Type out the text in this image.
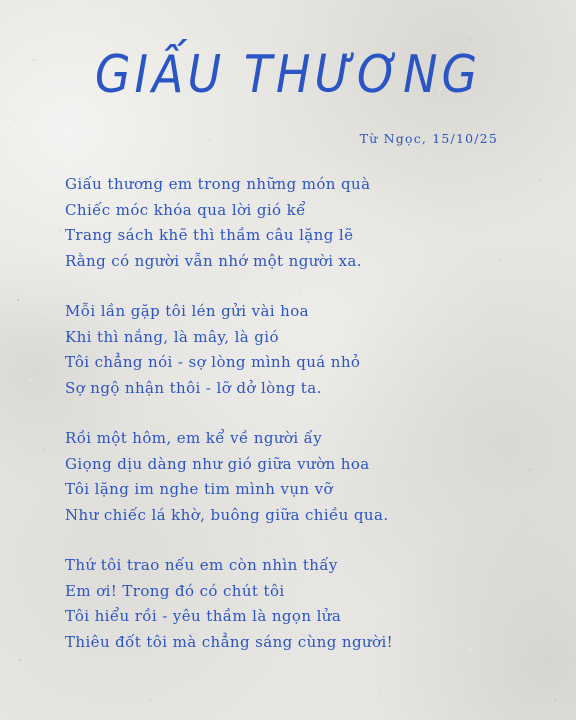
GIẤU THƯƠNG

Từ Ngọc, 15/10/25

Giấu thương em trong những món quà
Chiếc móc khóa qua lời gió kể
Trang sách khẽ thì thầm câu lặng lẽ
Rằng có người vẫn nhớ một người xa.
Mỗi lần gặp tôi lén gửi vài hoa
Khi thì nắng, là mây, là gió
Tôi chẳng nói - sợ lòng mình quá nhỏ
Sợ ngộ nhận thôi - lỡ dở lòng ta.
Rồi một hôm, em kể về người ấy
Giọng dịu dàng như gió giữa vườn hoa
Tôi lặng im nghe tim mình vụn vỡ
Như chiếc lá khờ, buông giữa chiều qua.
Thứ tôi trao nếu em còn nhìn thấy
Em ơi! Trong đó có chút tôi
Tôi hiểu rồi - yêu thầm là ngọn lửa
Thiêu đốt tôi mà chẳng sáng cùng người!
